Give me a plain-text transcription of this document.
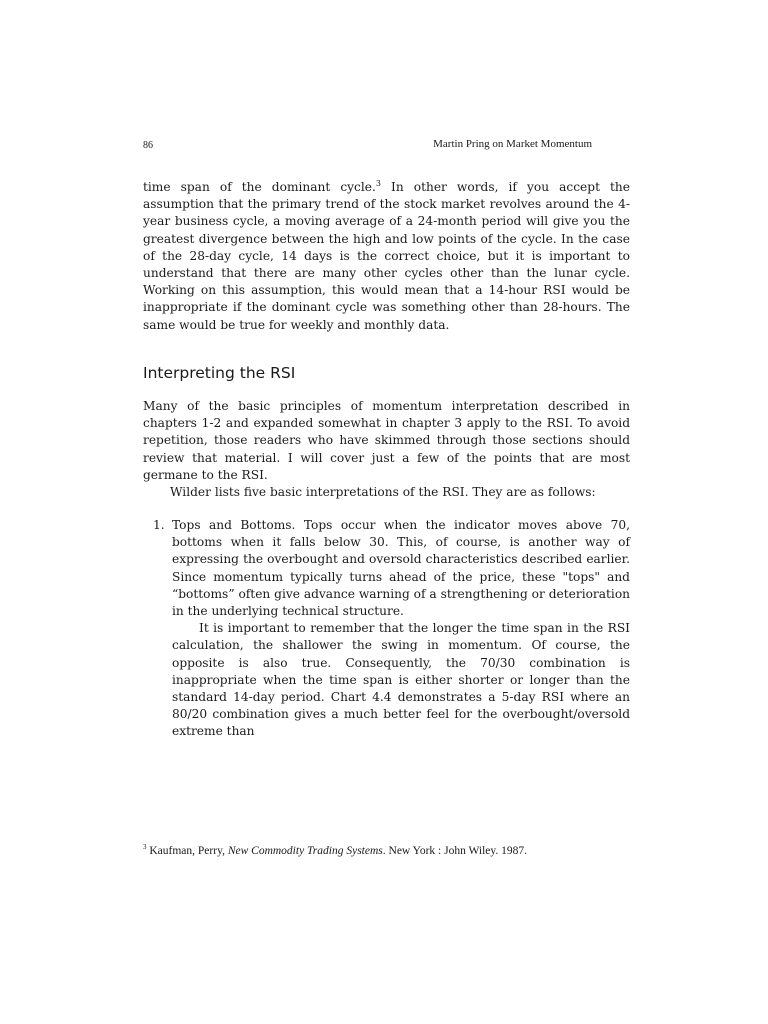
86	Martin Pring on Market Momentum

time span of the dominant cycle.$^3$ In other words, if you accept the assumption that the primary trend of the stock market revolves around the 4-year business cycle, a moving average of a 24-month period will give you the greatest divergence between the high and low points of the cycle. In the case of the 28-day cycle, 14 days is the correct choice, but it is important to understand that there are many other cycles other than the lunar cycle. Working on this assumption, this would mean that a 14-hour RSI would be inappropriate if the dominant cycle was something other than 28-hours. The same would be true for weekly and monthly data.

Interpreting the RSI

Many of the basic principles of momentum interpretation described in chapters 1-2 and expanded somewhat in chapter 3 apply to the RSI. To avoid repetition, those readers who have skimmed through those sections should review that material. I will cover just a few of the points that are most germane to the RSI.

Wilder lists five basic interpretations of the RSI. They are as follows:

1. Tops and Bottoms. Tops occur when the indicator moves above 70, bottoms when it falls below 30. This, of course, is another way of expressing the overbought and oversold characteristics described earlier. Since momentum typically turns ahead of the price, these "tops" and “bottoms” often give advance warning of a strengthening or deterioration in the underlying technical structure.

It is important to remember that the longer the time span in the RSI calculation, the shallower the swing in momentum. Of course, the opposite is also true. Consequently, the 70/30 combination is inappropriate when the time span is either shorter or longer than the standard 14-day period. Chart 4.4 demonstrates a 5-day RSI where an 80/20 combination gives a much better feel for the overbought/oversold extreme than

$^3$ Kaufman, Perry, New Commodity Trading Systems. New York : John Wiley. 1987.
